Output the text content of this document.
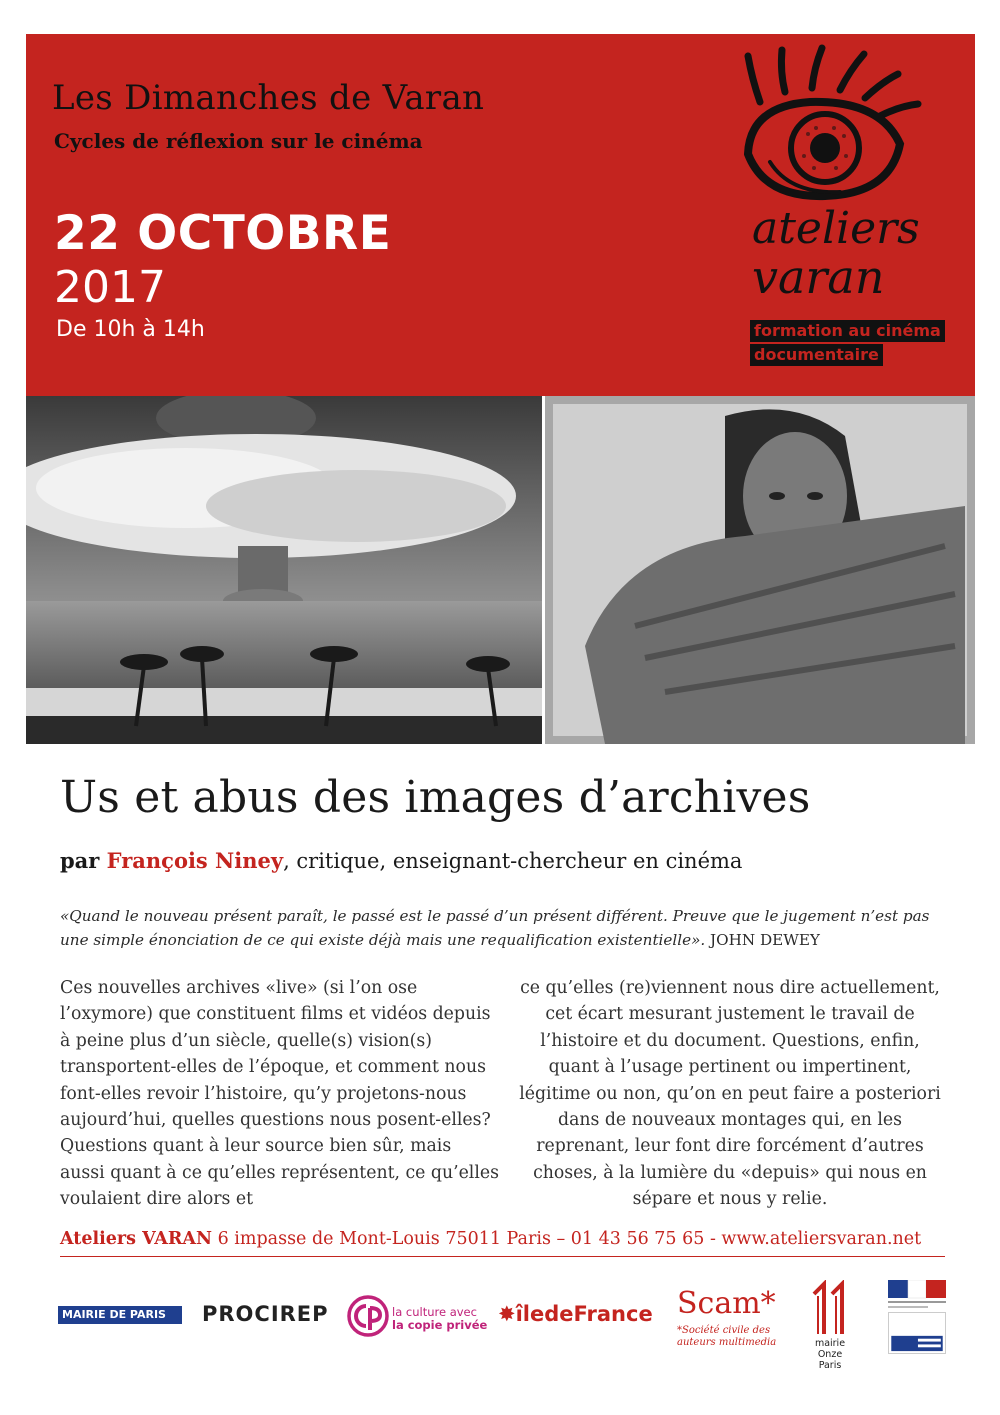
Les Dimanches de Varan
Cycles de réflexion sur le cinéma
22 OCTOBRE
2017
De 10h à 14h
ateliers
varan
formation au cinéma
documentaire
Us et abus des images d’archives
par François Niney, critique, enseignant-chercheur en cinéma
«Quand le nouveau présent paraît, le passé est le passé d’un présent différent. Preuve que le jugement n’est pas une simple énonciation de ce qui existe déjà mais une requalification existentielle». JOHN DEWEY
Ces nouvelles archives «live» (si l’on ose l’oxymore) que constituent films et vidéos depuis à peine plus d’un siècle, quelle(s) vision(s) transportent-elles de l’époque, et comment nous font-elles revoir l’histoire, qu’y projetons-nous aujourd’hui, quelles questions nous posent-elles? Questions quant à leur source bien sûr, mais aussi quant à ce qu’elles représentent, ce qu’elles voulaient dire alors et
ce qu’elles (re)viennent nous dire actuellement, cet écart mesurant justement le travail de l’histoire et du document. Questions, enfin, quant à l’usage pertinent ou impertinent, légitime ou non, qu’on en peut faire a posteriori dans de nouveaux montages qui, en les reprenant, leur font dire forcément d’autres choses, à la lumière du «depuis» qui nous en sépare et nous y relie.
Ateliers VARAN 6 impasse de Mont-Louis 75011 Paris – 01 43 56 75 65 - www.ateliersvaran.net
MAIRIE DE PARIS	PROCIREP	la culture avec
la copie privée ✸îledeFrance Scam*
*Société civile des auteurs multimedia	mairie Onze Paris
